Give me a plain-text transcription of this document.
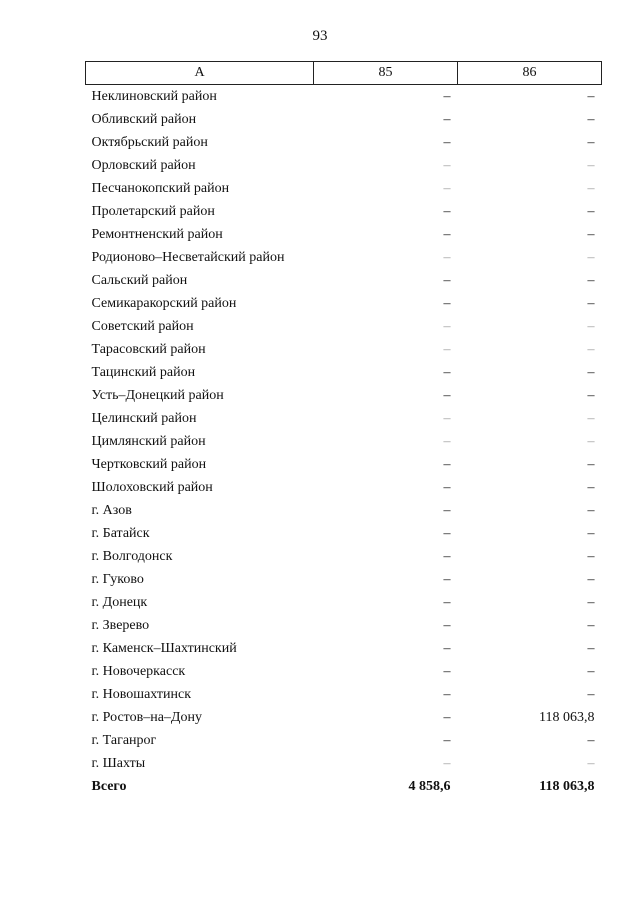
93
А	85	86
Неклиновский район	–	–
Обливский район	–	–
Октябрьский район	–	–
Орловский район	–	–
Песчанокопский район	–	–
Пролетарский район	–	–
Ремонтненский район	–	–
Родионово–Несветайский район	–	–
Сальский район	–	–
Семикаракорский район	–	–
Советский район	–	–
Тарасовский район	–	–
Тацинский район	–	–
Усть–Донецкий район	–	–
Целинский район	–	–
Цимлянский район	–	–
Чертковский район	–	–
Шолоховский район	–	–
г. Азов	–	–
г. Батайск	–	–
г. Волгодонск	–	–
г. Гуково	–	–
г. Донецк	–	–
г. Зверево	–	–
г. Каменск–Шахтинский	–	–
г. Новочеркасск	–	–
г. Новошахтинск	–	–
г. Ростов–на–Дону	–	118 063,8
г. Таганрог	–	–
г. Шахты	–	–
Всего	4 858,6	118 063,8
